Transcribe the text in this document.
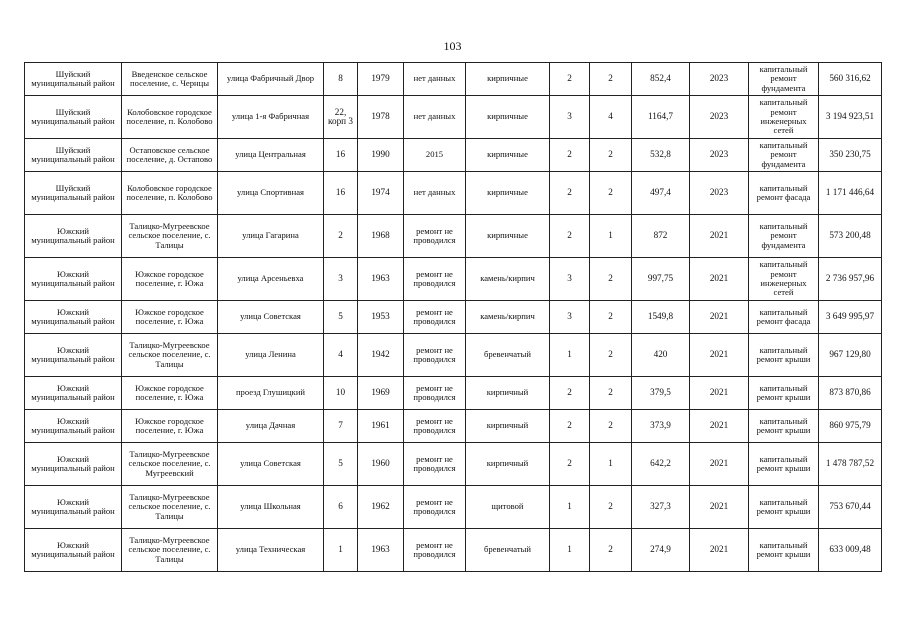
103
Шуйский муниципальный район	Введенское сельское поселение, с. Чернцы	улица Фабричный Двор	8	1979	нет данных	кирпичные	2	2	852,4	2023	капитальный ремонт фундамента	560 316,62
Шуйский муниципальный район	Колобовское городское поселение, п. Колобово	улица 1-я Фабричная	22, корп 3	1978	нет данных	кирпичные	3	4	1164,7	2023	капитальный ремонт инженерных сетей	3 194 923,51
Шуйский муниципальный район	Остаповское сельское поселение, д. Остапово	улица Центральная	16	1990	2015	кирпичные	2	2	532,8	2023	капитальный ремонт фундамента	350 230,75
Шуйский муниципальный район	Колобовское городское поселение, п. Колобово	улица Спортивная	16	1974	нет данных	кирпичные	2	2	497,4	2023	капитальный ремонт фасада	1 171 446,64
Южский муниципальный район	Талицко-Мугреевское сельское поселение, с. Талицы	улица Гагарина	2	1968	ремонт не проводился	кирпичные	2	1	872	2021	капитальный ремонт фундамента	573 200,48
Южский муниципальный район	Южское городское поселение, г. Южа	улица Арсеньевха	3	1963	ремонт не проводился	камень/кирпич	3	2	997,75	2021	капитальный ремонт инженерных сетей	2 736 957,96
Южский муниципальный район	Южское городское поселение, г. Южа	улица Советская	5	1953	ремонт не проводился	камень/кирпич	3	2	1549,8	2021	капитальный ремонт фасада	3 649 995,97
Южский муниципальный район	Талицко-Мугреевское сельское поселение, с. Талицы	улица Ленина	4	1942	ремонт не проводился	бревенчатый	1	2	420	2021	капитальный ремонт крыши	967 129,80
Южский муниципальный район	Южское городское поселение, г. Южа	проезд Глушицкий	10	1969	ремонт не проводился	кирпичный	2	2	379,5	2021	капитальный ремонт крыши	873 870,86
Южский муниципальный район	Южское городское поселение, г. Южа	улица Дачная	7	1961	ремонт не проводился	кирпичный	2	2	373,9	2021	капитальный ремонт крыши	860 975,79
Южский муниципальный район	Талицко-Мугреевское сельское поселение, с. Мугреевский	улица Советская	5	1960	ремонт не проводился	кирпичный	2	1	642,2	2021	капитальный ремонт крыши	1 478 787,52
Южский муниципальный район	Талицко-Мугреевское сельское поселение, с. Талицы	улица Школьная	6	1962	ремонт не проводился	щитовой	1	2	327,3	2021	капитальный ремонт крыши	753 670,44
Южский муниципальный район	Талицко-Мугреевское сельское поселение, с. Талицы	улица Техническая	1	1963	ремонт не проводился	бревенчатый	1	2	274,9	2021	капитальный ремонт крыши	633 009,48
